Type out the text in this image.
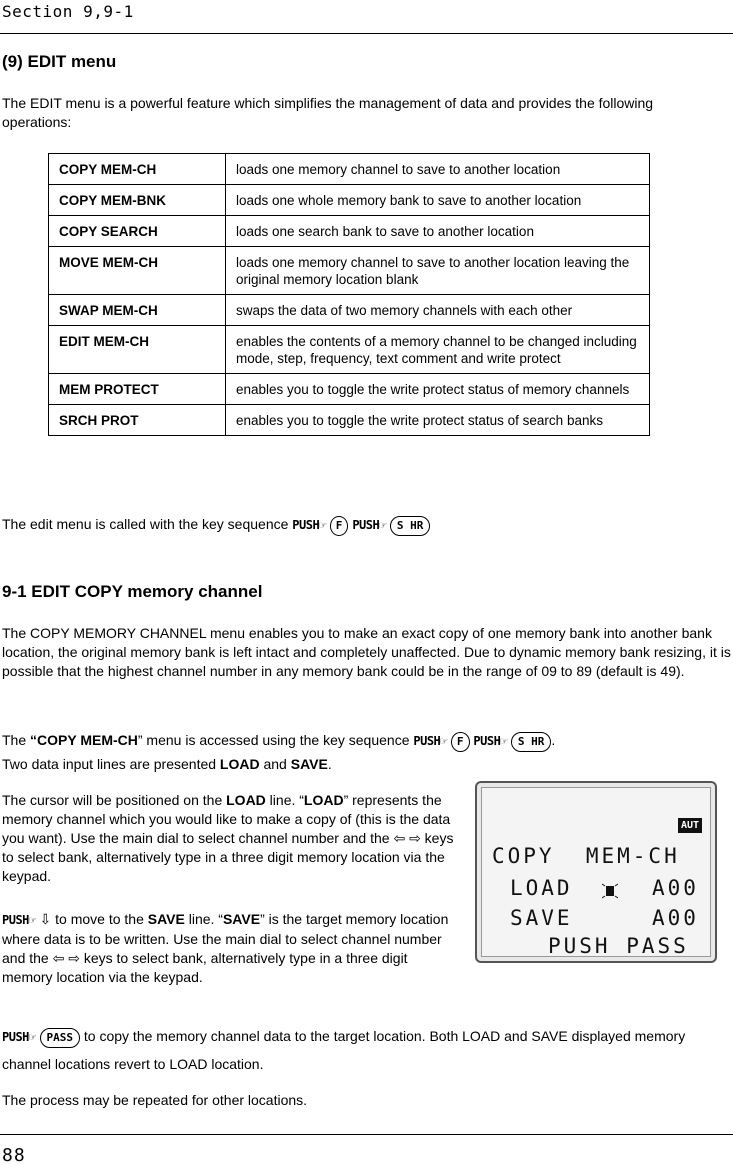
Section 9,9-1
(9) EDIT menu

The EDIT menu is a powerful feature which simplifies the management of data and provides the following operations:

COPY MEM-CH	loads one memory channel to save to another location
COPY MEM-BNK	loads one whole memory bank to save to another location
COPY SEARCH	loads one search bank to save to another location
MOVE MEM-CH	loads one memory channel to save to another location leaving the original memory location blank
SWAP MEM-CH	swaps the data of two memory channels with each other
EDIT MEM-CH	enables the contents of a memory channel to be changed including mode, step, frequency, text comment and write protect
MEM PROTECT	enables you to toggle the write protect status of memory channels
SRCH PROT	enables you to toggle the write protect status of search banks
The edit menu is called with the key sequence PUSH☞ F PUSH☞ S HR
9-1 EDIT COPY memory channel

The COPY MEMORY CHANNEL menu enables you to make an exact copy of one memory bank into another bank location, the original memory bank is left intact and completely unaffected. Due to dynamic memory bank resizing, it is possible that the highest channel number in any memory bank could be in the range of 09 to 89 (default is 49).

The “COPY MEM-CH” menu is accessed using the key sequence PUSH☞ F PUSH☞ S HR .
Two data input lines are presented LOAD and SAVE.

The cursor will be positioned on the LOAD line. “LOAD” represents the memory channel which you would like to make a copy of (this is the data you want). Use the main dial to select channel number and the ⇦ ⇨ keys to select bank, alternatively type in a three digit memory location via the keypad.

PUSH☞ ⇩ to move to the SAVE line. “SAVE” is the target memory location where data is to be written. Use the main dial to select channel number and the ⇦ ⇨ keys to select bank, alternatively type in a three digit memory location via the keypad.

AUT
COPY  MEM-CH
LOAD	A00
SAVE	A00
PUSH PASS

PUSH☞ PASS to copy the memory channel data to the target location. Both LOAD and SAVE displayed memory channel locations revert to LOAD location.

The process may be repeated for other locations.

88
